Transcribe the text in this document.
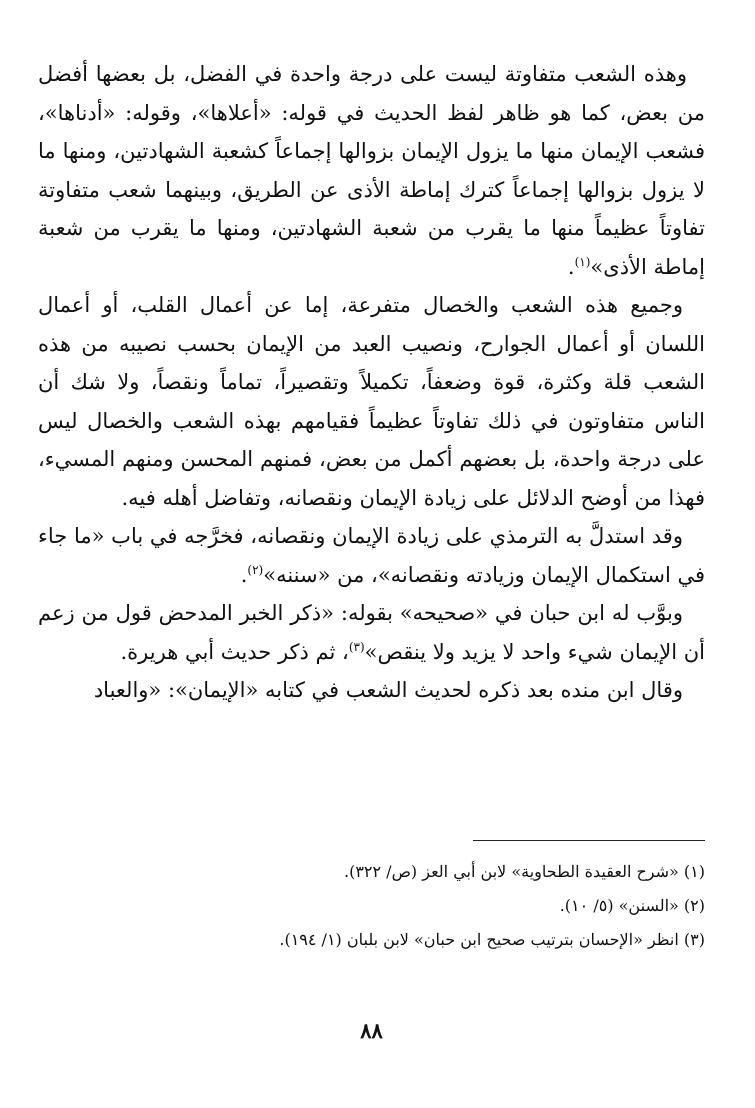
وهذه الشعب متفاوتة ليست على درجة واحدة في الفضل، بل بعضها أفضل من بعض، كما هو ظاهر لفظ الحديث في قوله: «أعلاها»، وقوله: «أدناها»، فشعب الإيمان منها ما يزول الإيمان بزوالها إجماعاً كشعبة الشهادتين، ومنها ما لا يزول بزوالها إجماعاً كترك إماطة الأذى عن الطريق، وبينهما شعب متفاوتة تفاوتاً عظيماً منها ما يقرب من شعبة الشهادتين، ومنها ما يقرب من شعبة إماطة الأذى»$^{(١)}$.

وجميع هذه الشعب والخصال متفرعة، إما عن أعمال القلب، أو أعمال اللسان أو أعمال الجوارح، ونصيب العبد من الإيمان بحسب نصيبه من هذه الشعب قلة وكثرة، قوة وضعفاً، تكميلاً وتقصيراً، تماماً ونقصاً، ولا شك أن الناس متفاوتون في ذلك تفاوتاً عظيماً فقيامهم بهذه الشعب والخصال ليس على درجة واحدة، بل بعضهم أكمل من بعض، فمنهم المحسن ومنهم المسيء، فهذا من أوضح الدلائل على زيادة الإيمان ونقصانه، وتفاضل أهله فيه.

وقد استدلَّ به الترمذي على زيادة الإيمان ونقصانه، فخرَّجه في باب «ما جاء في استكمال الإيمان وزيادته ونقصانه»، من «سننه»$^{(٢)}$.

وبوَّب له ابن حبان في «صحيحه» بقوله: «ذكر الخبر المدحض قول من زعم أن الإيمان شيء واحد لا يزيد ولا ينقص»$^{(٣)}$، ثم ذكر حديث أبي هريرة.

وقال ابن منده بعد ذكره لحديث الشعب في كتابه «الإيمان»: «والعباد

(١) «شرح العقيدة الطحاوية» لابن أبي العز (ص/ ٣٢٢).

(٢) «السنن» (٥/ ١٠).

(٣) انظر «الإحسان بترتيب صحيح ابن حبان» لابن بلبان (١/ ١٩٤).

٨٨
